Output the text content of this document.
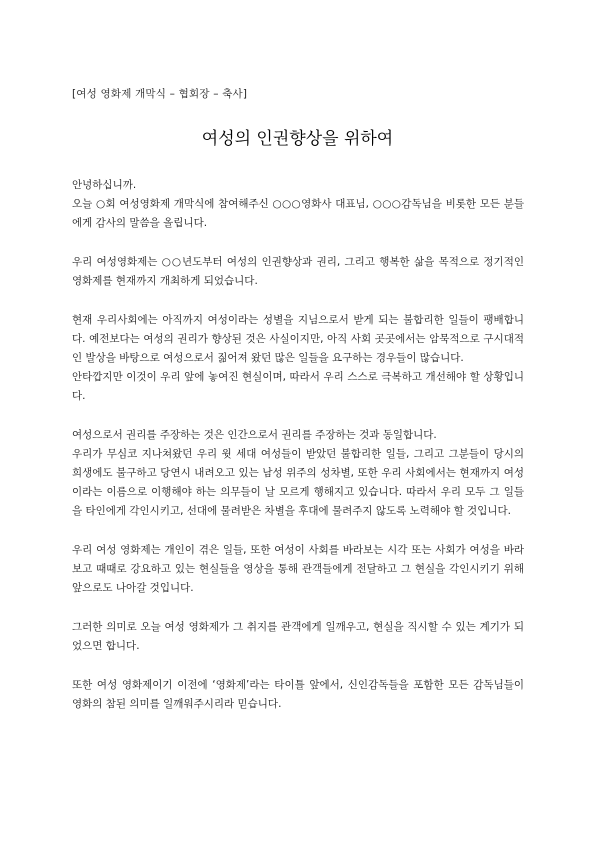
[여성 영화제 개막식 – 협회장 – 축사]
여성의 인권향상을 위하여

안녕하십니까.

오늘 ○회 여성영화제 개막식에 참여해주신 ○○○영화사 대표님, ○○○감독님을 비롯한 모든 분들에게 감사의 말씀을 올립니다.

우리 여성영화제는 ○○년도부터 여성의 인권향상과 권리, 그리고 행복한 삶을 목적으로 정기적인 영화제를 현재까지 개최하게 되었습니다.

현재 우리사회에는 아직까지 여성이라는 성별을 지님으로서 받게 되는 불합리한 일들이 팽배합니다. 예전보다는 여성의 권리가 향상된 것은 사실이지만, 아직 사회 곳곳에서는 암묵적으로 구시대적인 발상을 바탕으로 여성으로서 짊어져 왔던 많은 일들을 요구하는 경우들이 많습니다.

안타깝지만 이것이 우리 앞에 놓여진 현실이며, 따라서 우리 스스로 극복하고 개선해야 할 상황입니다.

여성으로서 권리를 주장하는 것은 인간으로서 권리를 주장하는 것과 동일합니다.

우리가 무심코 지나쳐왔던 우리 윗 세대 여성들이 받았던 불합리한 일들, 그리고 그분들이 당시의 희생에도 불구하고 당연시 내려오고 있는 남성 위주의 성차별, 또한 우리 사회에서는 현재까지 여성이라는 이름으로 이행해야 하는 의무들이 날 모르게 행해지고 있습니다. 따라서 우리 모두 그 일들을 타인에게 각인시키고, 선대에 물려받은 차별을 후대에 물려주지 않도록 노력해야 할 것입니다.

우리 여성 영화제는 개인이 겪은 일들, 또한 여성이 사회를 바라보는 시각 또는 사회가 여성을 바라보고 때때로 강요하고 있는 현실들을 영상을 통해 관객들에게 전달하고 그 현실을 각인시키기 위해 앞으로도 나아갈 것입니다.

그러한 의미로 오늘 여성 영화제가 그 취지를 관객에게 일깨우고, 현실을 직시할 수 있는 계기가 되었으면 합니다.

또한 여성 영화제이기 이전에 ‘영화제’라는 타이틀 앞에서, 신인감독들을 포함한 모든 감독님들이 영화의 참된 의미를 일깨워주시리라 믿습니다.
